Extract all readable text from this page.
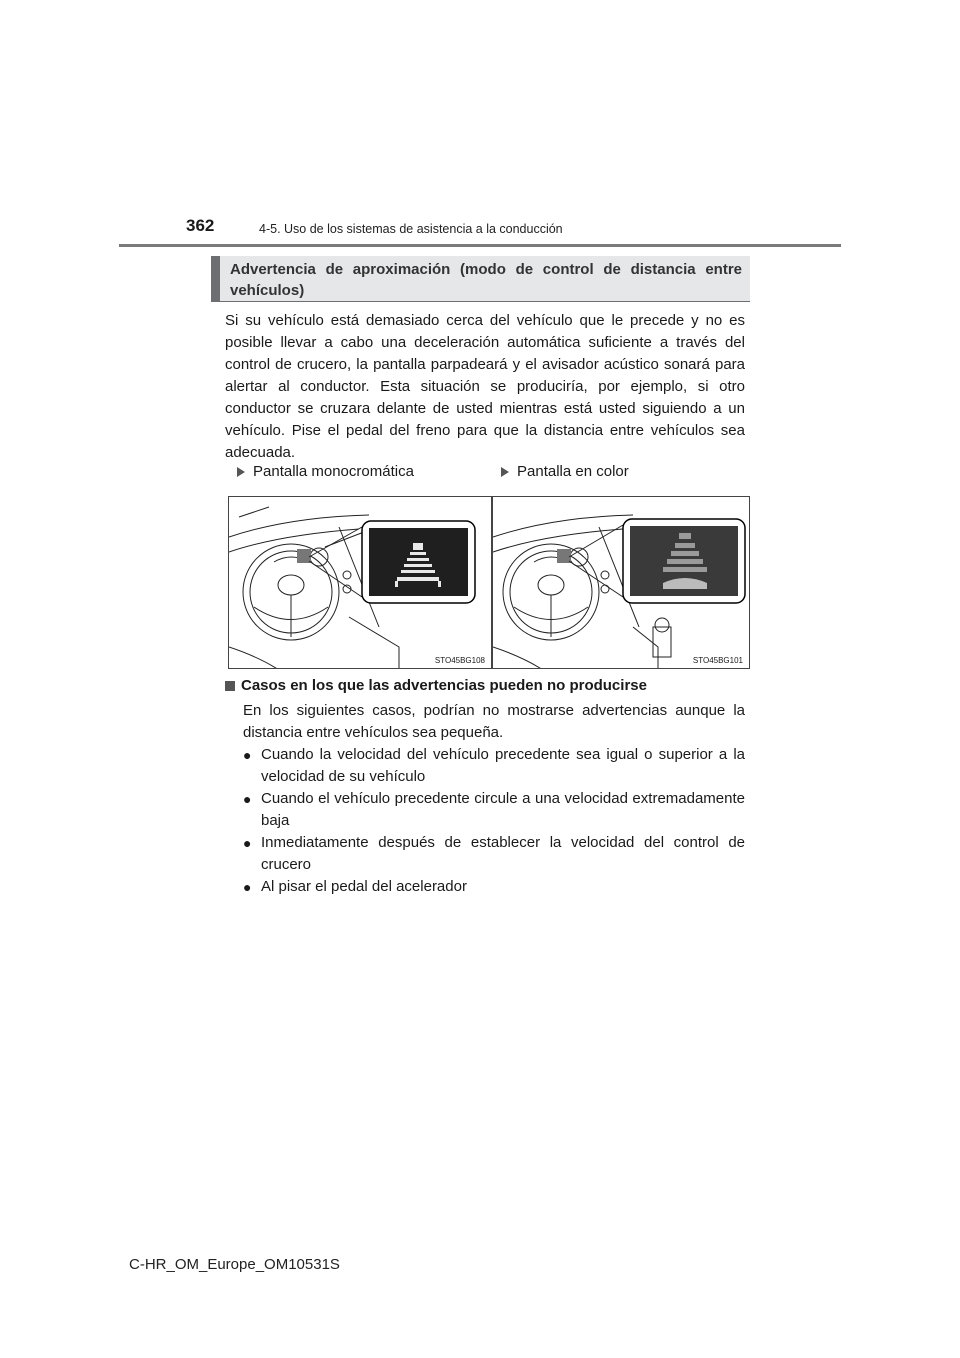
362	4-5. Uso de los sistemas de asistencia a la conducción
Advertencia de aproximación (modo de control de distancia entre vehículos)
Si su vehículo está demasiado cerca del vehículo que le precede y no es posible llevar a cabo una deceleración automática suficiente a través del control de crucero, la pantalla parpadeará y el avisador acústico sonará para alertar al conductor. Esta situación se produciría, por ejemplo, si otro conductor se cruzara delante de usted mientras está usted siguiendo a un vehículo. Pise el pedal del freno para que la distancia entre vehículos sea adecuada.
Pantalla monocromática	Pantalla en color
STO45BG108	STO45BG101
Casos en los que las advertencias pueden no producirse
En los siguientes casos, podrían no mostrarse advertencias aunque la distancia entre vehículos sea pequeña.
● Cuando la velocidad del vehículo precedente sea igual o superior a la velocidad de su vehículo
● Cuando el vehículo precedente circule a una velocidad extremadamente baja
● Inmediatamente después de establecer la velocidad del control de crucero
● Al pisar el pedal del acelerador
C-HR_OM_Europe_OM10531S
